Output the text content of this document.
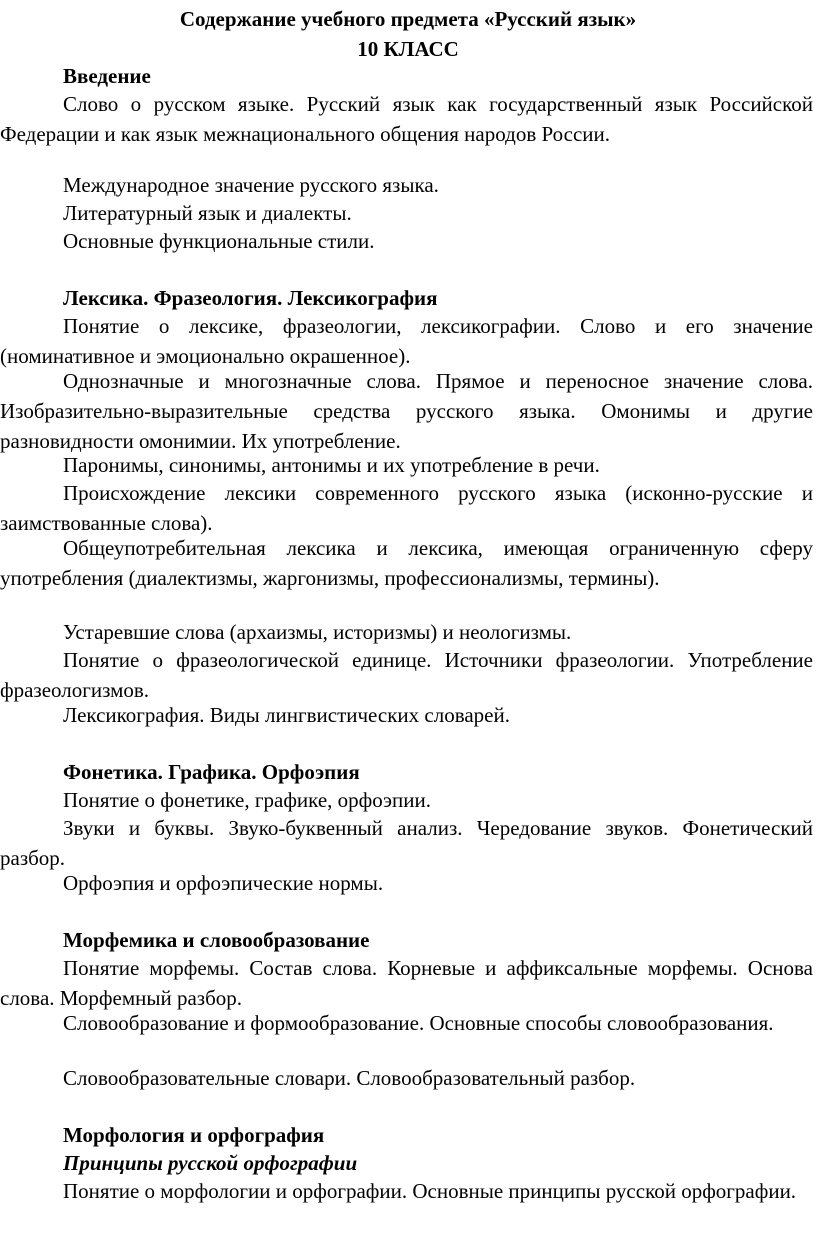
Содержание учебного предмета «Русский язык»
10 КЛАСС
Введение

Слово о русском языке. Русский язык как государственный язык Российской Федерации и как язык межнационального общения народов России.

Международное значение русского языка.

Литературный язык и диалекты.

Основные функциональные стили.

Лексика. Фразеология. Лексикография

Понятие о лексике, фразеологии, лексикографии. Слово и его значение (номинативное и эмоционально окрашенное).

Однозначные и многозначные слова. Прямое и переносное значение слова. Изобразительно-выразительные средства русского языка. Омонимы и другие разновидности омонимии. Их употребление.

Паронимы, синонимы, антонимы и их употребление в речи.

Происхождение лексики современного русского языка (исконно-русские и заимствованные слова).

Общеупотребительная лексика и лексика, имеющая ограниченную сферу употребления (диалектизмы, жаргонизмы, профессионализмы, термины).

Устаревшие слова (архаизмы, историзмы) и неологизмы.

Понятие о фразеологической единице. Источники фразеологии. Употребление фразеологизмов.

Лексикография. Виды лингвистических словарей.

Фонетика. Графика. Орфоэпия

Понятие о фонетике, графике, орфоэпии.

Звуки и буквы. Звуко-буквенный анализ. Чередование звуков. Фонетический разбор.

Орфоэпия и орфоэпические нормы.

Морфемика и словообразование

Понятие морфемы. Состав слова. Корневые и аффиксальные морфемы. Основа слова. Морфемный разбор.

Словообразование и формообразование. Основные способы словообразования.

Словообразовательные словари. Словообразовательный разбор.

Морфология и орфография
Принципы русской орфографии

Понятие о морфологии и орфографии. Основные принципы русской орфографии.
